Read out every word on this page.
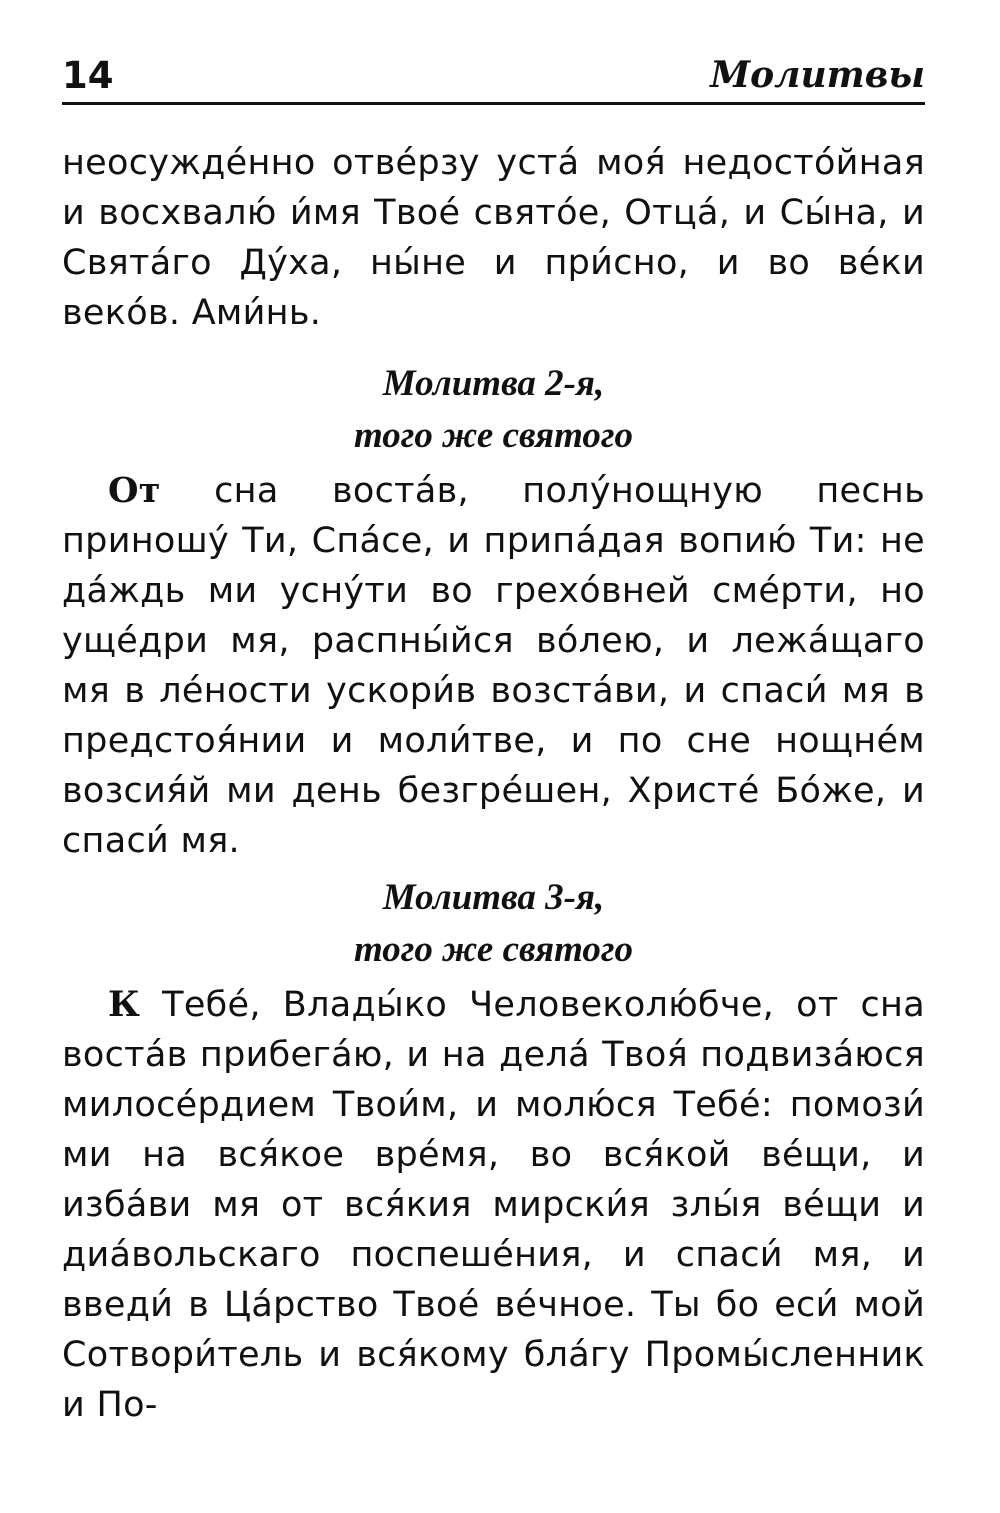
14	Молитвы

неосужде́нно отве́рзу уста́ моя́ недосто́йная и восхвалю́ и́мя Твое́ свято́е, Отца́, и Сы́на, и Свята́го Ду́ха, ны́не и при́сно, и во ве́ки веко́в. Ами́нь.

Молитва 2-я,
того же святого

От сна воста́в, полу́нощную песнь приношу́ Ти, Спа́се, и припа́дая вопию́ Ти: не да́ждь ми усну́ти во грехо́вней сме́рти, но уще́дри мя, распны́йся во́лею, и лежа́щаго мя в ле́ности ускори́в возста́ви, и спаси́ мя в предстоя́нии и моли́тве, и по сне нощне́м возсия́й ми день безгре́шен, Христе́ Бо́же, и спаси́ мя.

Молитва 3-я,
того же святого

К Тебе́, Влады́ко Человеколю́бче, от сна воста́в прибега́ю, и на дела́ Твоя́ подвиза́юся милосе́рдием Твои́м, и молю́ся Тебе́: помози́ ми на вся́кое вре́мя, во вся́кой ве́щи, и изба́ви мя от вся́кия мирски́я злы́я ве́щи и диа́вольскаго поспеше́ния, и спаси́ мя, и введи́ в Ца́рство Твое́ ве́чное. Ты бо еси́ мой Сотвори́тель и вся́кому бла́гу Промы́сленник и По-
